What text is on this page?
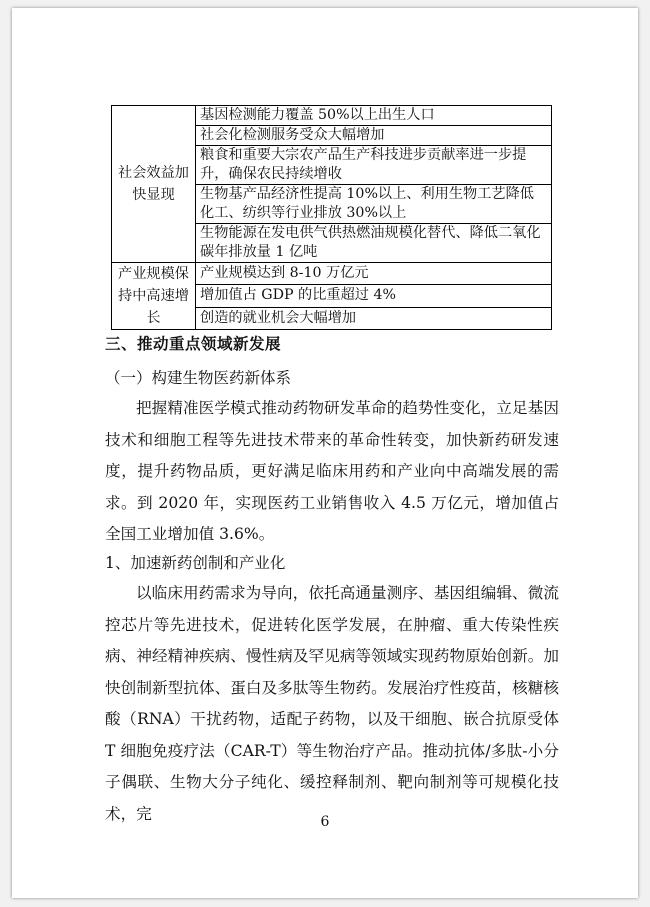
社会效益加快显现	基因检测能力覆盖 50%以上出生人口
	社会化检测服务受众大幅增加
	粮食和重要大宗农产品生产科技进步贡献率进一步提升，确保农民持续增收
	生物基产品经济性提高 10%以上、利用生物工艺降低化工、纺织等行业排放 30%以上
	生物能源在发电供气供热燃油规模化替代、降低二氧化碳年排放量 1 亿吨
产业规模保持中高速增长	产业规模达到 8-10 万亿元
	增加值占 GDP 的比重超过 4%
	创造的就业机会大幅增加
三、推动重点领域新发展
（一）构建生物医药新体系

把握精准医学模式推动药物研发革命的趋势性变化，立足基因技术和细胞工程等先进技术带来的革命性转变，加快新药研发速度，提升药物品质，更好满足临床用药和产业向中高端发展的需求。到 2020 年，实现医药工业销售收入 4.5 万亿元，增加值占全国工业增加值 3.6%。

1、加速新药创制和产业化

以临床用药需求为导向，依托高通量测序、基因组编辑、微流控芯片等先进技术，促进转化医学发展，在肿瘤、重大传染性疾病、神经精神疾病、慢性病及罕见病等领域实现药物原始创新。加快创制新型抗体、蛋白及多肽等生物药。发展治疗性疫苗，核糖核酸（RNA）干扰药物，适配子药物，以及干细胞、嵌合抗原受体 T 细胞免疫疗法（CAR-T）等生物治疗产品。推动抗体/多肽-小分子偶联、生物大分子纯化、缓控释制剂、靶向制剂等可规模化技术，完	6
